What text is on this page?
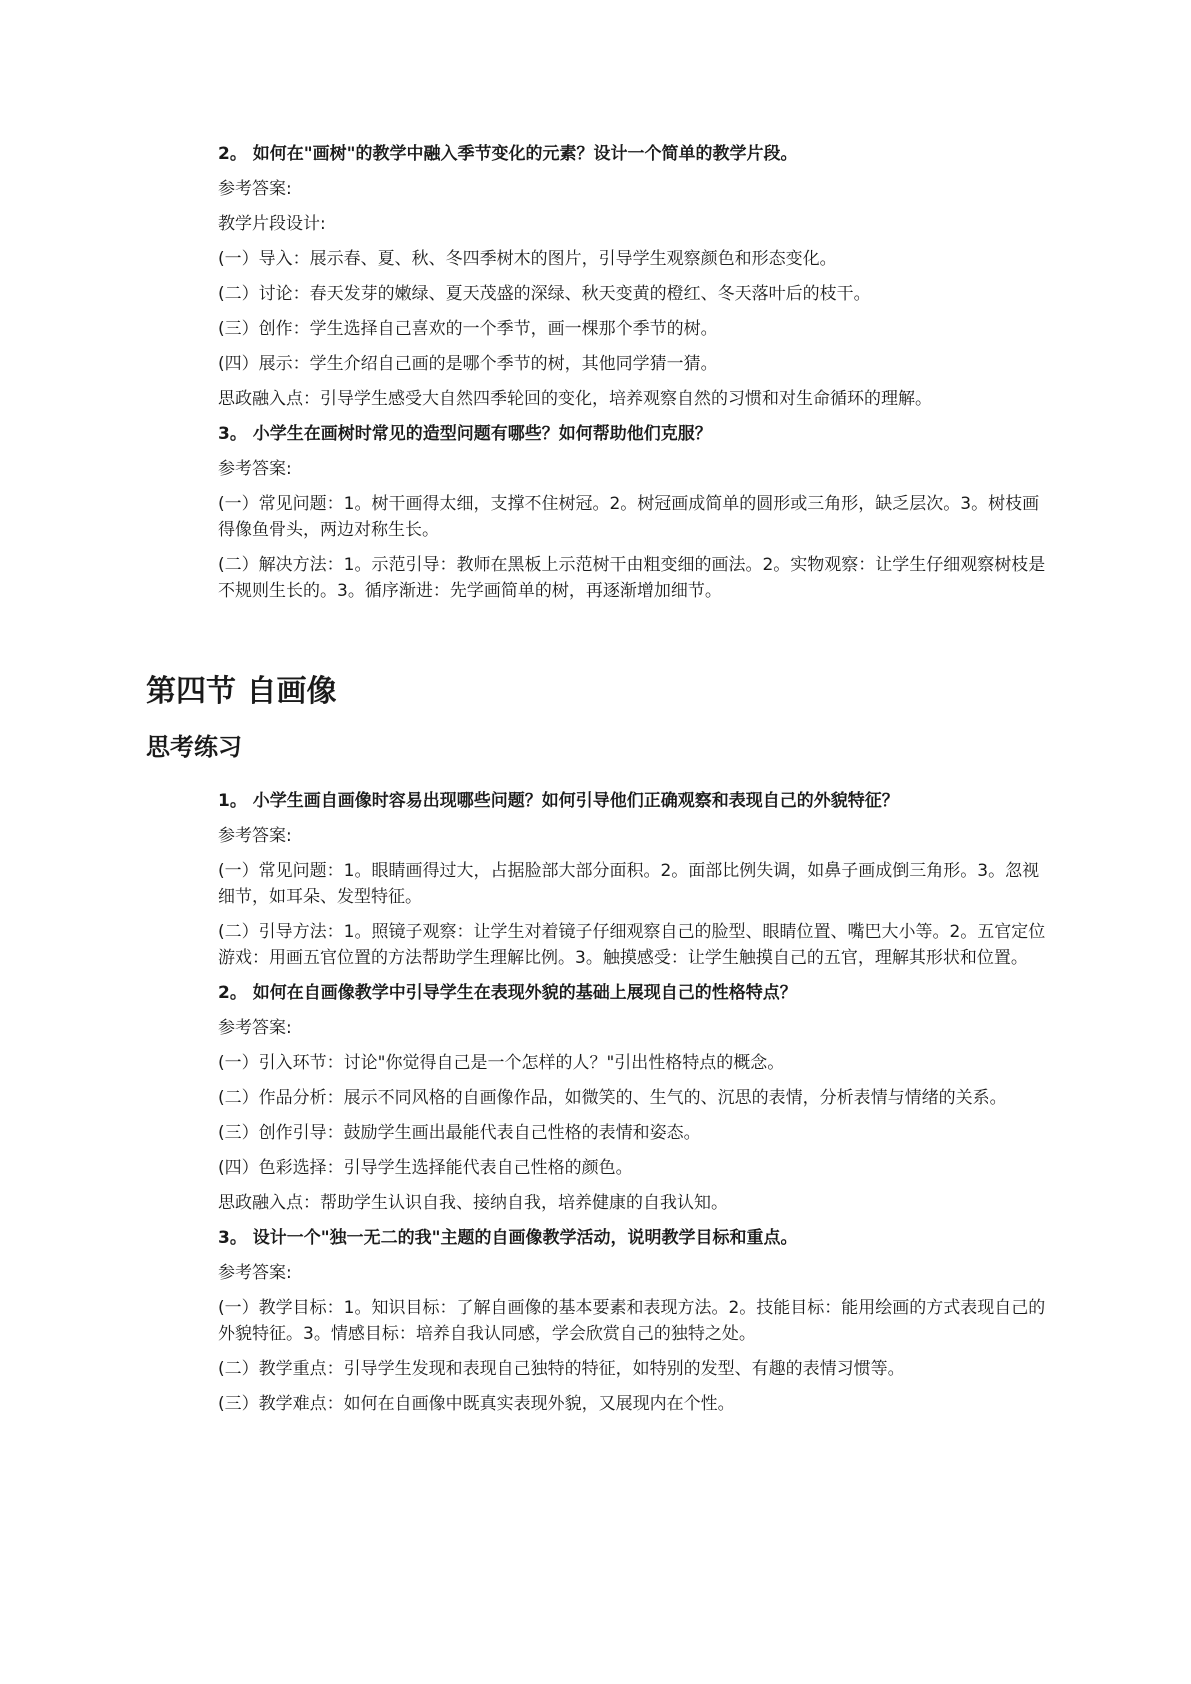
2。 如何在"画树"的教学中融入季节变化的元素？设计一个简单的教学片段。
参考答案:
教学片段设计:
(一）导入：展示春、夏、秋、冬四季树木的图片，引导学生观察颜色和形态变化。
(二）讨论：春天发芽的嫩绿、夏天茂盛的深绿、秋天变黄的橙红、冬天落叶后的枝干。
(三）创作：学生选择自己喜欢的一个季节，画一棵那个季节的树。
(四）展示：学生介绍自己画的是哪个季节的树，其他同学猜一猜。
思政融入点：引导学生感受大自然四季轮回的变化，培养观察自然的习惯和对生命循环的理解。
3。 小学生在画树时常见的造型问题有哪些？如何帮助他们克服？
参考答案:
(一）常见问题：1。树干画得太细，支撑不住树冠。2。树冠画成简单的圆形或三角形，缺乏层次。3。树枝画得像鱼骨头，两边对称生长。
(二）解决方法：1。示范引导：教师在黑板上示范树干由粗变细的画法。2。实物观察：让学生仔细观察树枝是不规则生长的。3。循序渐进：先学画简单的树，再逐渐增加细节。
第四节 自画像
思考练习
1。 小学生画自画像时容易出现哪些问题？如何引导他们正确观察和表现自己的外貌特征？
参考答案:
(一）常见问题：1。眼睛画得过大，占据脸部大部分面积。2。面部比例失调，如鼻子画成倒三角形。3。忽视细节，如耳朵、发型特征。
(二）引导方法：1。照镜子观察：让学生对着镜子仔细观察自己的脸型、眼睛位置、嘴巴大小等。2。五官定位游戏：用画五官位置的方法帮助学生理解比例。3。触摸感受：让学生触摸自己的五官，理解其形状和位置。
2。 如何在自画像教学中引导学生在表现外貌的基础上展现自己的性格特点？
参考答案:
(一）引入环节：讨论"你觉得自己是一个怎样的人？"引出性格特点的概念。
(二）作品分析：展示不同风格的自画像作品，如微笑的、生气的、沉思的表情，分析表情与情绪的关系。
(三）创作引导：鼓励学生画出最能代表自己性格的表情和姿态。
(四）色彩选择：引导学生选择能代表自己性格的颜色。
思政融入点：帮助学生认识自我、接纳自我，培养健康的自我认知。
3。 设计一个"独一无二的我"主题的自画像教学活动，说明教学目标和重点。
参考答案:
(一）教学目标：1。知识目标：了解自画像的基本要素和表现方法。2。技能目标：能用绘画的方式表现自己的外貌特征。3。情感目标：培养自我认同感，学会欣赏自己的独特之处。
(二）教学重点：引导学生发现和表现自己独特的特征，如特别的发型、有趣的表情习惯等。
(三）教学难点：如何在自画像中既真实表现外貌，又展现内在个性。
